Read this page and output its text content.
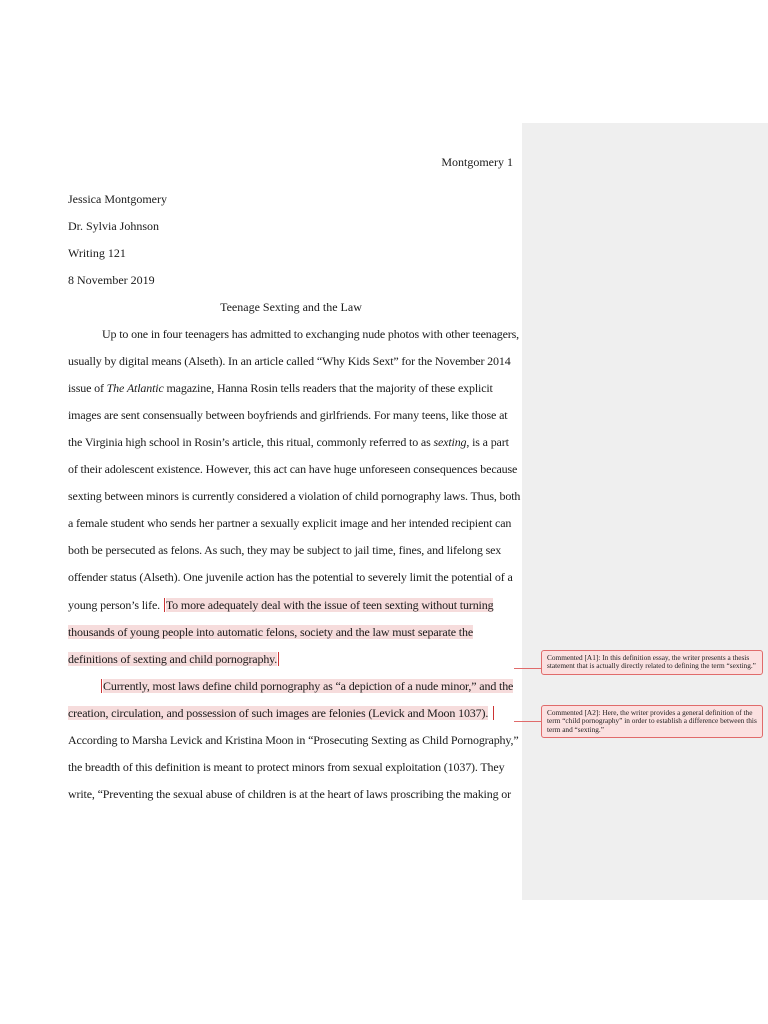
Montgomery 1
Jessica Montgomery
Dr. Sylvia Johnson
Writing 121
8 November 2019
Teenage Sexting and the Law
Up to one in four teenagers has admitted to exchanging nude photos with other teenagers,
usually by digital means (Alseth). In an article called “Why Kids Sext” for the November 2014
issue of The Atlantic magazine, Hanna Rosin tells readers that the majority of these explicit
images are sent consensually between boyfriends and girlfriends. For many teens, like those at
the Virginia high school in Rosin’s article, this ritual, commonly referred to as sexting, is a part
of their adolescent existence. However, this act can have huge unforeseen consequences because
sexting between minors is currently considered a violation of child pornography laws. Thus, both
a female student who sends her partner a sexually explicit image and her intended recipient can
both be persecuted as felons. As such, they may be subject to jail time, fines, and lifelong sex
offender status (Alseth). One juvenile action has the potential to severely limit the potential of a
young person’s life. To more adequately deal with the issue of teen sexting without turning
thousands of young people into automatic felons, society and the law must separate the
definitions of sexting and child pornography.
Currently, most laws define child pornography as “a depiction of a nude minor,” and the
creation, circulation, and possession of such images are felonies (Levick and Moon 1037).
According to Marsha Levick and Kristina Moon in “Prosecuting Sexting as Child Pornography,”
the breadth of this definition is meant to protect minors from sexual exploitation (1037). They
write, “Preventing the sexual abuse of children is at the heart of laws proscribing the making or
Commented [A1]: In this definition essay, the writer presents a thesis statement that is actually directly related to defining the term “sexting.”
Commented [A2]: Here, the writer provides a general definition of the term “child pornography” in order to establish a difference between this term and “sexting.”
